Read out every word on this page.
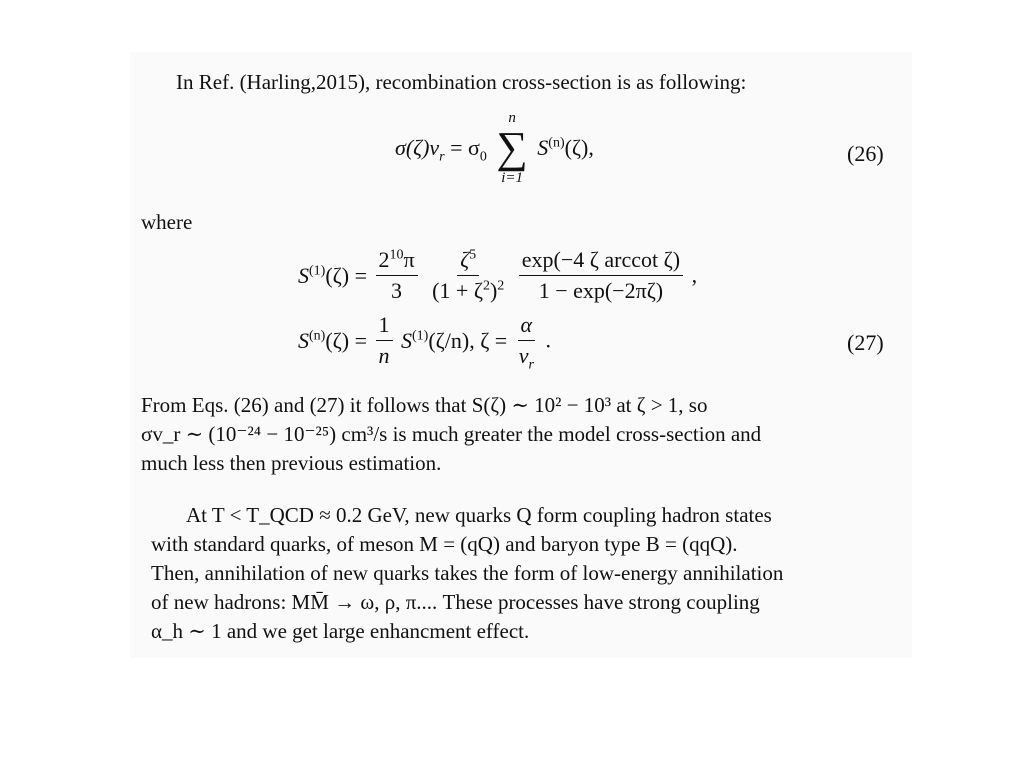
In Ref. (Harling,2015), recombination cross-section is as following:
$\sigma(\zeta)v_r = \sigma_0$
n
∑
i=1
$S^{(n)}(\zeta)$,	(26)
where
$S^{(1)}(\zeta) = \frac{2^{10}\pi}{3}$
$\frac{\zeta^5}{(1 + \zeta^2)^2}$
$\frac{\text{exp(−4 ζ arccot ζ)}}{1 - \exp(-2\pi\zeta)}$ ,
$S^{(n)}(\zeta) = \frac{1}{n} S^{(1)}(\zeta/n)$, $\zeta = \frac{\alpha}{v_r}$ .	(27)
From Eqs. (26) and (27) it follows that S(ζ) ∼ 10² − 10³ at ζ > 1, so
σv_r ∼ (10⁻²⁴ − 10⁻²⁵) cm³/s is much greater the model cross-section and
much less then previous estimation.
At T < T_QCD ≈ 0.2 GeV, new quarks Q form coupling hadron states
with standard quarks, of meson M = (qQ) and baryon type B = (qqQ).
Then, annihilation of new quarks takes the form of low-energy annihilation
of new hadrons: MM̄ → ω, ρ, π.... These processes have strong coupling
α_h ∼ 1 and we get large enhancment effect.
